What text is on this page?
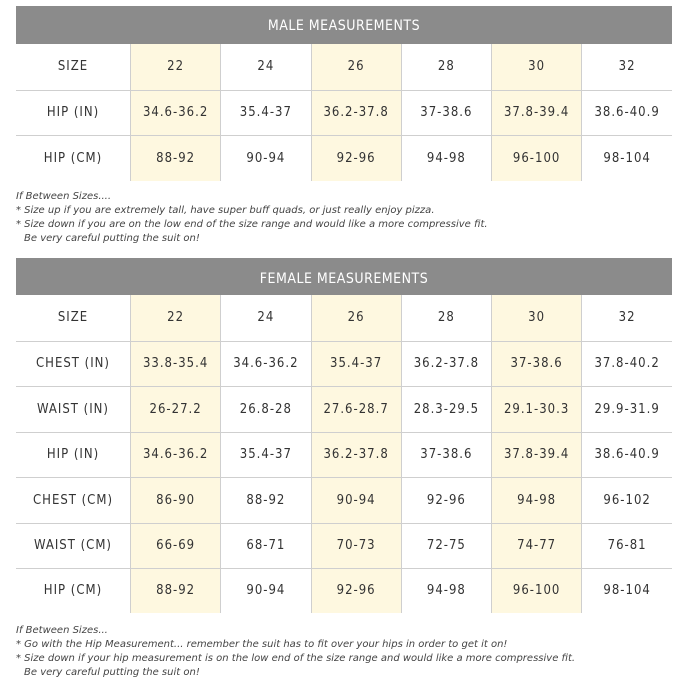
MALE MEASUREMENTS
SIZE	22	24	26	28	30	32
HIP (IN)	34.6-36.2	35.4-37	36.2-37.8	37-38.6	37.8-39.4	38.6-40.9
HIP (CM)	88-92	90-94	92-96	94-98	96-100	98-104
If Between Sizes....
* Size up if you are extremely tall, have super buff quads, or just really enjoy pizza.
* Size down if you are on the low end of the size range and would like a more compressive fit.
Be very careful putting the suit on!
FEMALE MEASUREMENTS
SIZE	22	24	26	28	30	32
CHEST (IN)	33.8-35.4	34.6-36.2	35.4-37	36.2-37.8	37-38.6	37.8-40.2
WAIST (IN)	26-27.2	26.8-28	27.6-28.7	28.3-29.5	29.1-30.3	29.9-31.9
HIP (IN)	34.6-36.2	35.4-37	36.2-37.8	37-38.6	37.8-39.4	38.6-40.9
CHEST (CM)	86-90	88-92	90-94	92-96	94-98	96-102
WAIST (CM)	66-69	68-71	70-73	72-75	74-77	76-81
HIP (CM)	88-92	90-94	92-96	94-98	96-100	98-104
If Between Sizes...
* Go with the Hip Measurement... remember the suit has to fit over your hips in order to get it on!
* Size down if your hip measurement is on the low end of the size range and would like a more compressive fit.
Be very careful putting the suit on!
